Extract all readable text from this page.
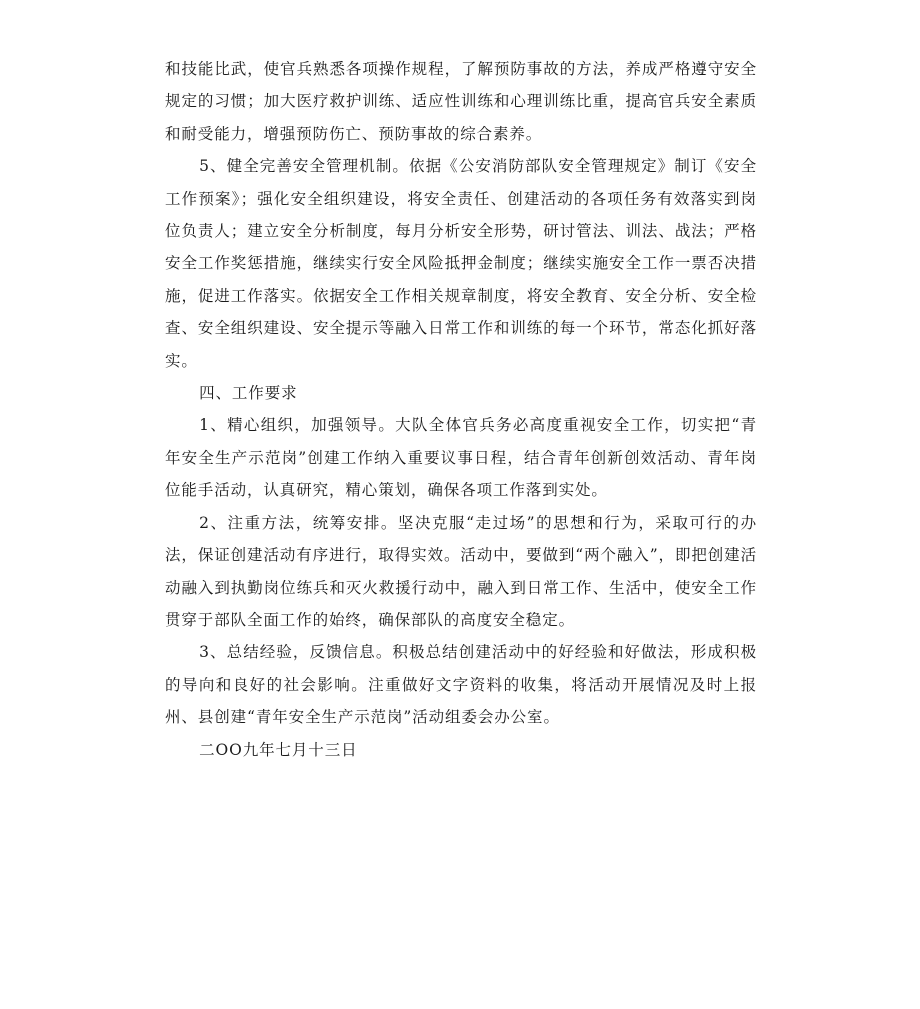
和技能比武，使官兵熟悉各项操作规程，了解预防事故的方法，养成严格遵守安全规定的习惯；加大医疗救护训练、适应性训练和心理训练比重，提高官兵安全素质和耐受能力，增强预防伤亡、预防事故的综合素养。

5、健全完善安全管理机制。依据《公安消防部队安全管理规定》制订《安全工作预案》；强化安全组织建设，将安全责任、创建活动的各项任务有效落实到岗位负责人；建立安全分析制度，每月分析安全形势，研讨管法、训法、战法；严格安全工作奖惩措施，继续实行安全风险抵押金制度；继续实施安全工作一票否决措施，促进工作落实。依据安全工作相关规章制度，将安全教育、安全分析、安全检查、安全组织建设、安全提示等融入日常工作和训练的每一个环节，常态化抓好落实。

四、工作要求

1、精心组织，加强领导。大队全体官兵务必高度重视安全工作，切实把“青年安全生产示范岗”创建工作纳入重要议事日程，结合青年创新创效活动、青年岗位能手活动，认真研究，精心策划，确保各项工作落到实处。

2、注重方法，统筹安排。坚决克服“走过场”的思想和行为，采取可行的办法，保证创建活动有序进行，取得实效。活动中，要做到“两个融入”，即把创建活动融入到执勤岗位练兵和灭火救援行动中，融入到日常工作、生活中，使安全工作贯穿于部队全面工作的始终，确保部队的高度安全稳定。

3、总结经验，反馈信息。积极总结创建活动中的好经验和好做法，形成积极的导向和良好的社会影响。注重做好文字资料的收集，将活动开展情况及时上报州、县创建“青年安全生产示范岗”活动组委会办公室。

二OO九年七月十三日
